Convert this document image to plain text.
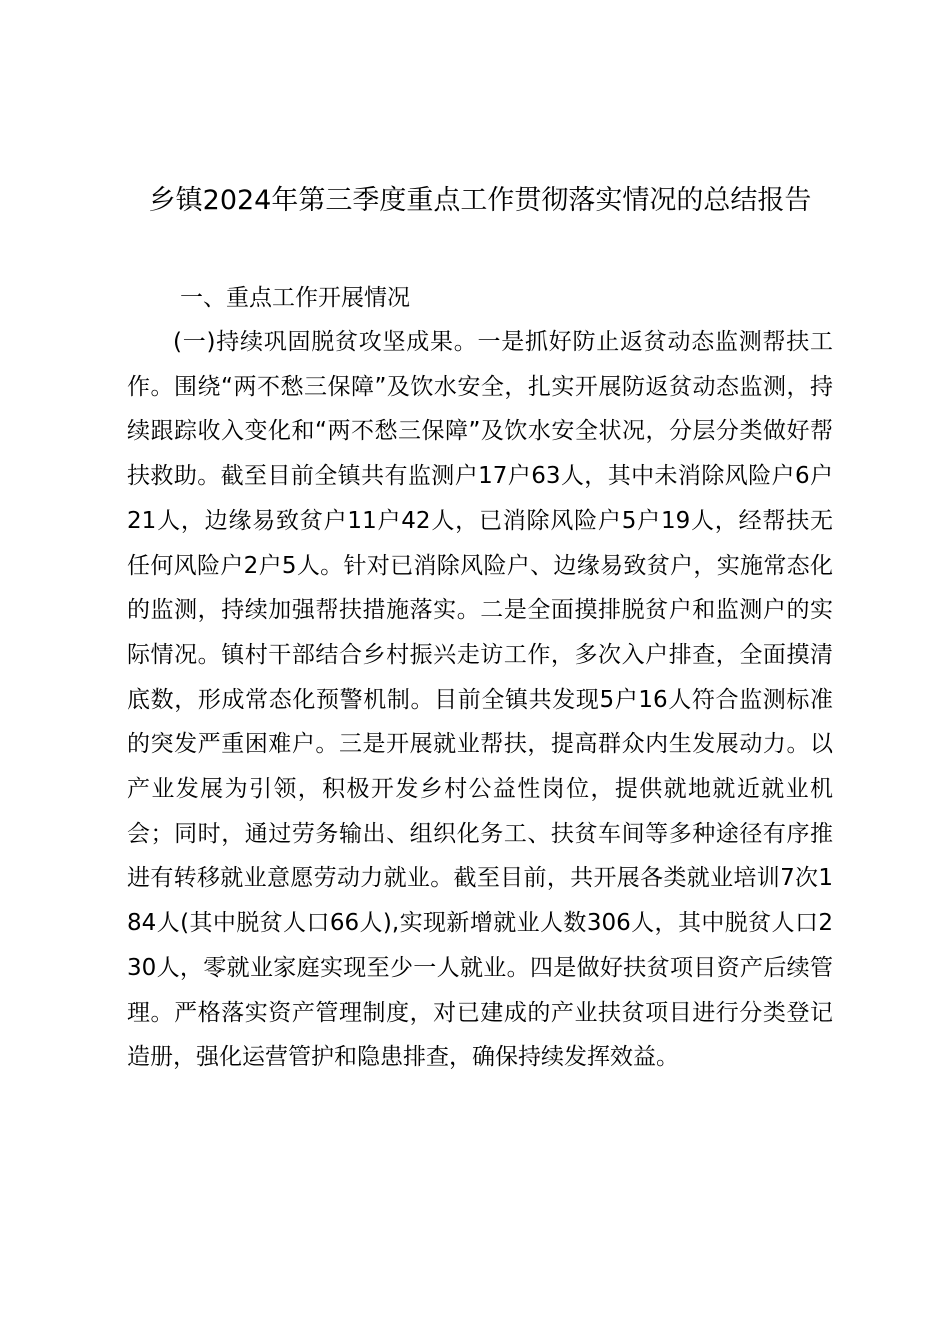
乡镇2024年第三季度重点工作贯彻落实情况的总结报告

一、重点工作开展情况

(一)持续巩固脱贫攻坚成果。一是抓好防止返贫动态监测帮扶工作。围绕“两不愁三保障”及饮水安全，扎实开展防返贫动态监测，持续跟踪收入变化和“两不愁三保障”及饮水安全状况，分层分类做好帮扶救助。截至目前全镇共有监测户17户63人，其中未消除风险户6户21人，边缘易致贫户11户42人，已消除风险户5户19人，经帮扶无任何风险户2户5人。针对已消除风险户、边缘易致贫户，实施常态化的监测，持续加强帮扶措施落实。二是全面摸排脱贫户和监测户的实际情况。镇村干部结合乡村振兴走访工作，多次入户排查，全面摸清底数，形成常态化预警机制。目前全镇共发现5户16人符合监测标准的突发严重困难户。三是开展就业帮扶，提高群众内生发展动力。以产业发展为引领，积极开发乡村公益性岗位，提供就地就近就业机会；同时，通过劳务输出、组织化务工、扶贫车间等多种途径有序推进有转移就业意愿劳动力就业。截至目前，共开展各类就业培训7次184人(其中脱贫人口66人),实现新增就业人数306人，其中脱贫人口230人，零就业家庭实现至少一人就业。四是做好扶贫项目资产后续管理。严格落实资产管理制度，对已建成的产业扶贫项目进行分类登记造册，强化运营管护和隐患排查，确保持续发挥效益。
